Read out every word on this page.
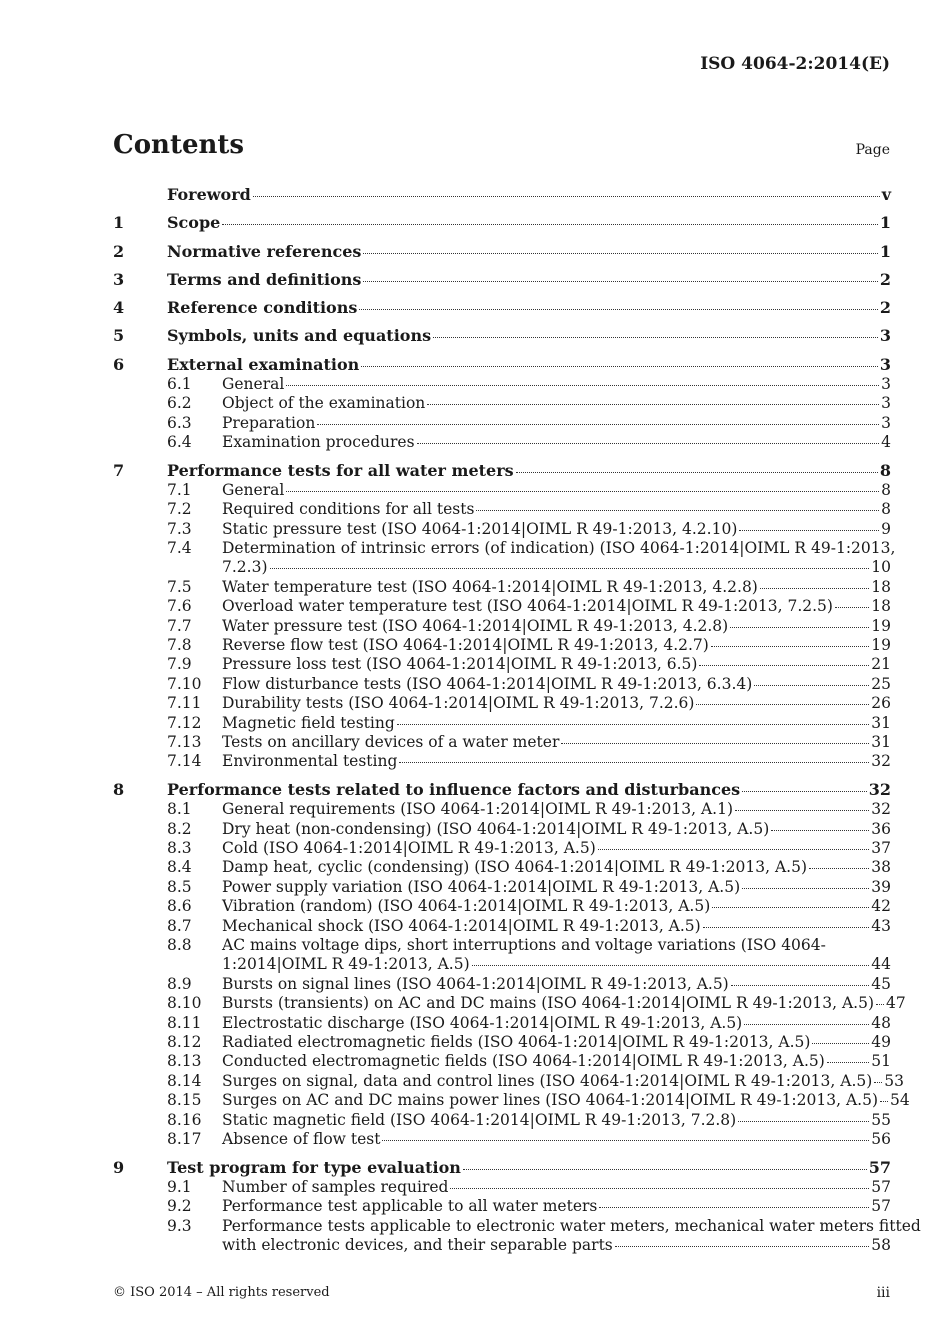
ISO 4064-2:2014(E)
Contents	Page
Foreword	v
1	Scope	1
2	Normative references	1
3	Terms and definitions	2
4	Reference conditions	2
5	Symbols, units and equations	3
6	External examination	3
6.1	General	3
6.2	Object of the examination	3
6.3	Preparation	3
6.4	Examination procedures	4
7	Performance tests for all water meters	8
7.1	General	8
7.2	Required conditions for all tests	8
7.3	Static pressure test (ISO 4064-1:2014|OIML R 49-1:2013, 4.2.10)	9
7.4	Determination of intrinsic errors (of indication) (ISO 4064-1:2014|OIML R 49-1:2013,
7.2.3)	10
7.5	Water temperature test (ISO 4064-1:2014|OIML R 49-1:2013, 4.2.8)	18
7.6	Overload water temperature test (ISO 4064-1:2014|OIML R 49-1:2013, 7.2.5) 18
7.7	Water pressure test (ISO 4064-1:2014|OIML R 49-1:2013, 4.2.8)	19
7.8	Reverse flow test (ISO 4064-1:2014|OIML R 49-1:2013, 4.2.7)	19
7.9	Pressure loss test (ISO 4064-1:2014|OIML R 49-1:2013, 6.5)	21
7.10	Flow disturbance tests (ISO 4064-1:2014|OIML R 49-1:2013, 6.3.4)	25
7.11	Durability tests (ISO 4064-1:2014|OIML R 49-1:2013, 7.2.6)	26
7.12	Magnetic field testing	31
7.13	Tests on ancillary devices of a water meter	31
7.14	Environmental testing	32
8	Performance tests related to influence factors and disturbances	32
8.1	General requirements (ISO 4064-1:2014|OIML R 49-1:2013, A.1)	32
8.2	Dry heat (non-condensing) (ISO 4064-1:2014|OIML R 49-1:2013, A.5)	36
8.3	Cold (ISO 4064-1:2014|OIML R 49-1:2013, A.5)	37
8.4	Damp heat, cyclic (condensing) (ISO 4064-1:2014|OIML R 49-1:2013, A.5)	38
8.5	Power supply variation (ISO 4064-1:2014|OIML R 49-1:2013, A.5)	39
8.6	Vibration (random) (ISO 4064-1:2014|OIML R 49-1:2013, A.5)	42
8.7	Mechanical shock (ISO 4064-1:2014|OIML R 49-1:2013, A.5)	43
8.8	AC mains voltage dips, short interruptions and voltage variations (ISO 4064-
1:2014|OIML R 49-1:2013, A.5)	44
8.9	Bursts on signal lines (ISO 4064-1:2014|OIML R 49-1:2013, A.5)	45
8.10	Bursts (transients) on AC and DC mains (ISO 4064-1:2014|OIML R 49-1:2013, A.5) 47
8.11	Electrostatic discharge (ISO 4064-1:2014|OIML R 49-1:2013, A.5)	48
8.12	Radiated electromagnetic fields (ISO 4064-1:2014|OIML R 49-1:2013, A.5)	49
8.13	Conducted electromagnetic fields (ISO 4064-1:2014|OIML R 49-1:2013, A.5)	51
8.14	Surges on signal, data and control lines (ISO 4064-1:2014|OIML R 49-1:2013, A.5) 53
8.15	Surges on AC and DC mains power lines (ISO 4064-1:2014|OIML R 49-1:2013, A.5) 54
8.16	Static magnetic field (ISO 4064-1:2014|OIML R 49-1:2013, 7.2.8)	55
8.17	Absence of flow test	56
9	Test program for type evaluation	57
9.1	Number of samples required	57
9.2	Performance test applicable to all water meters	57
9.3	Performance tests applicable to electronic water meters, mechanical water meters fitted
with electronic devices, and their separable parts	58
© ISO 2014 – All rights reserved	iii
